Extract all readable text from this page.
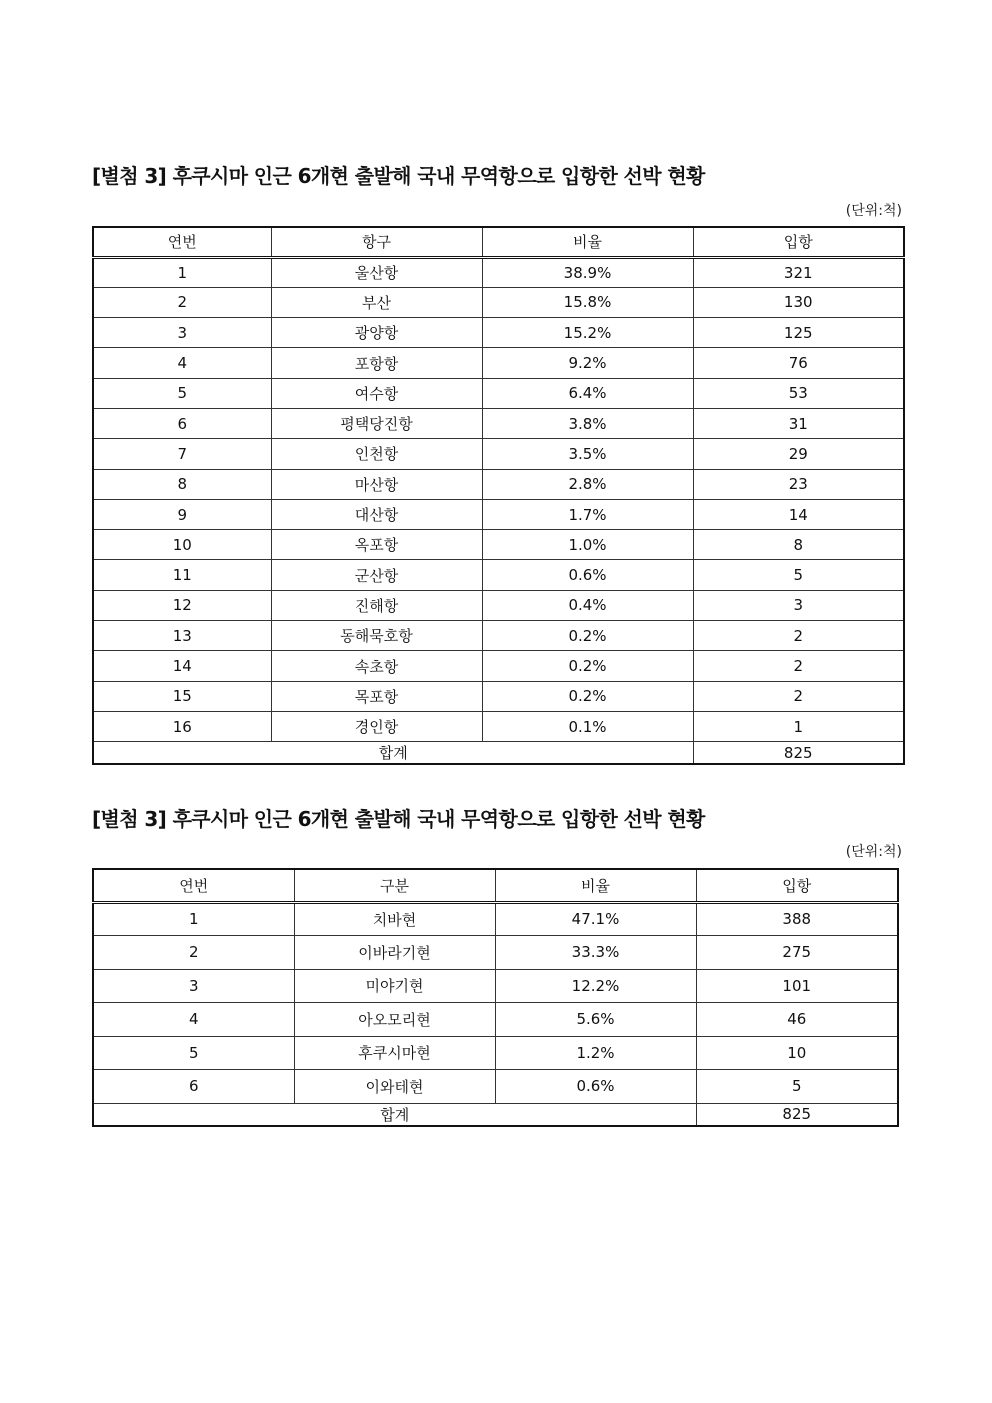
[별첨 3] 후쿠시마 인근 6개현 출발해 국내 무역항으로 입항한 선박 현황
(단위:척)
연번	항구	비율	입항
1	울산항	38.9%	321
2	부산	15.8%	130
3	광양항	15.2%	125
4	포항항	9.2%	76
5	여수항	6.4%	53
6	평택당진항	3.8%	31
7	인천항	3.5%	29
8	마산항	2.8%	23
9	대산항	1.7%	14
10	옥포항	1.0%	8
11	군산항	0.6%	5
12	진해항	0.4%	3
13	동해묵호항	0.2%	2
14	속초항	0.2%	2
15	목포항	0.2%	2
16	경인항	0.1%	1
합계			825
[별첨 3] 후쿠시마 인근 6개현 출발해 국내 무역항으로 입항한 선박 현황
(단위:척)
연번	구분	비율	입항
1	치바현	47.1%	388
2	이바라기현	33.3%	275
3	미야기현	12.2%	101
4	아오모리현	5.6%	46
5	후쿠시마현	1.2%	10
6	이와테현	0.6%	5
합계			825
